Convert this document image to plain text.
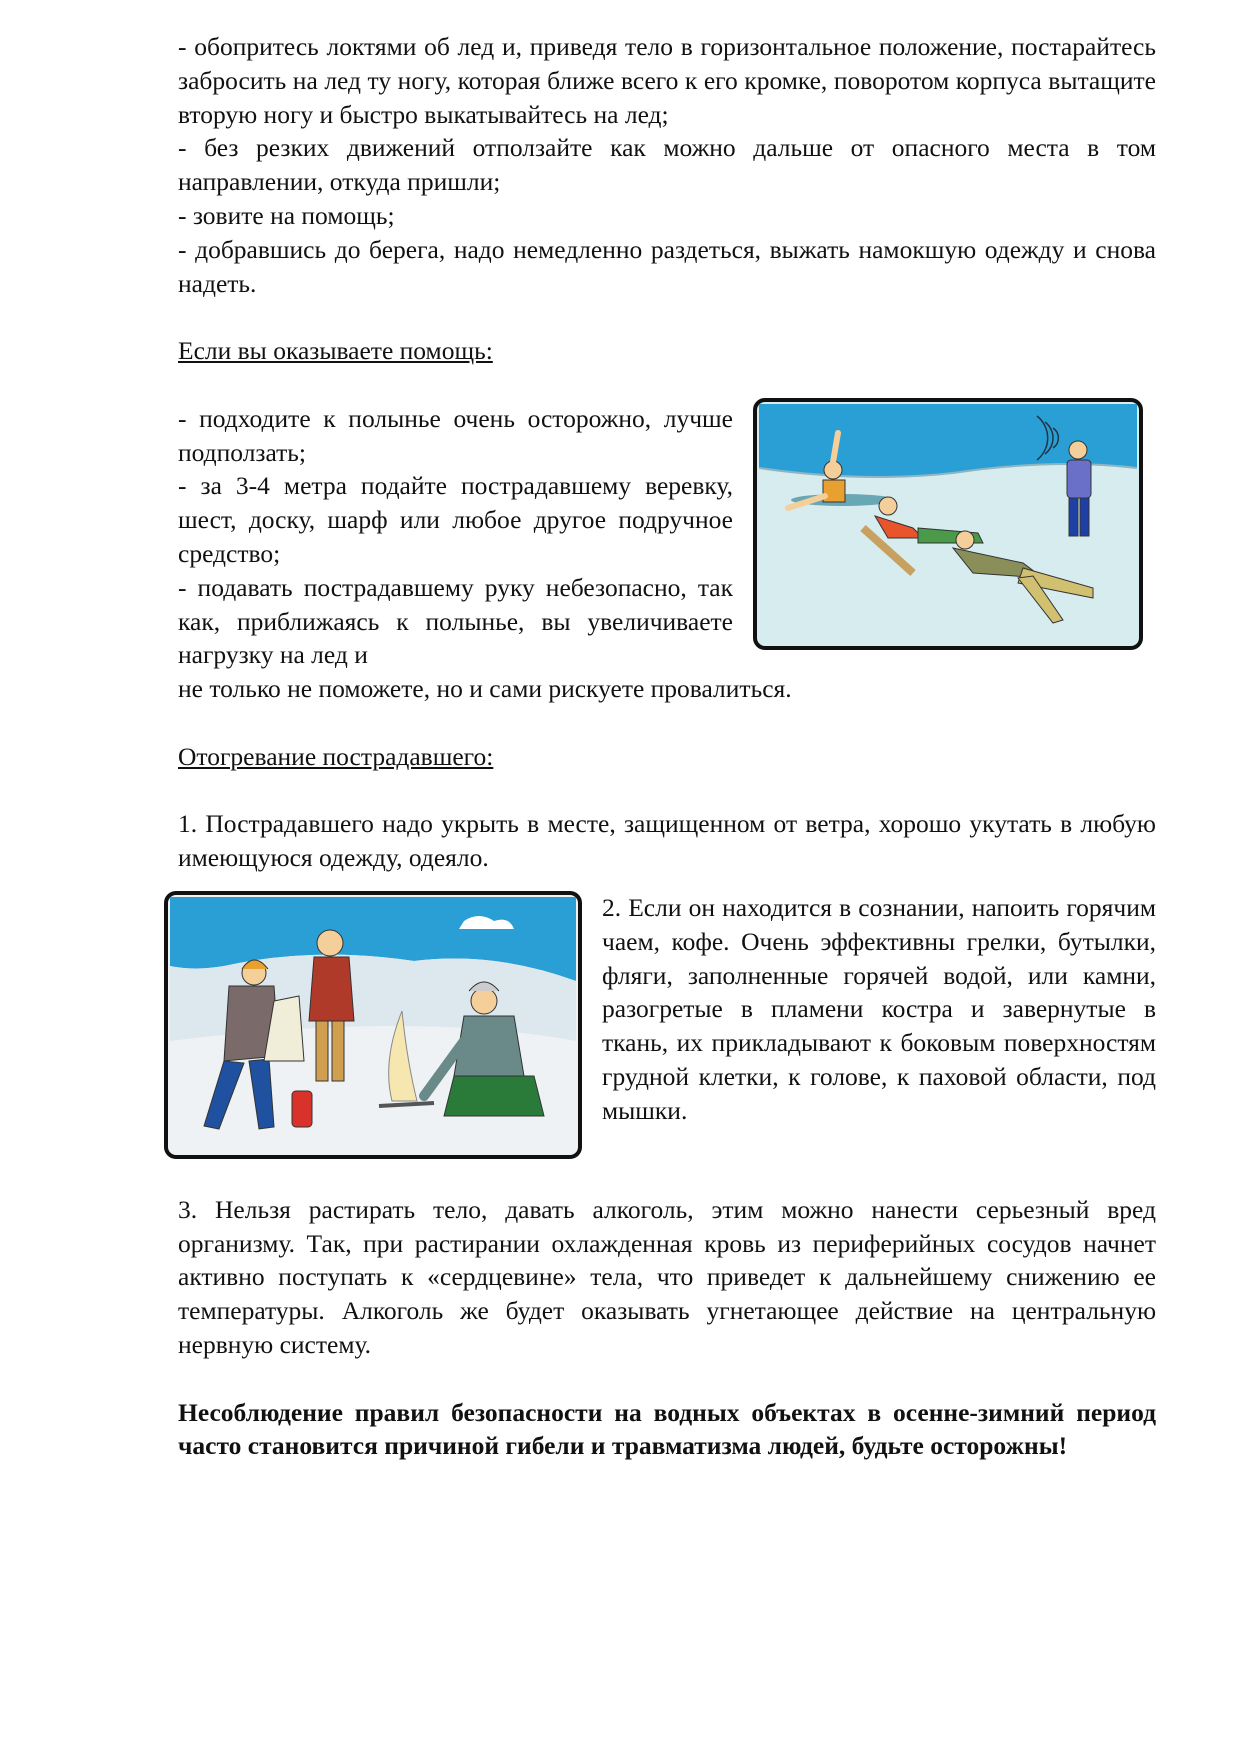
- обопритесь локтями об лед и, приведя тело в горизонтальное положение, постарайтесь забросить на лед ту ногу, которая ближе всего к его кромке, поворотом корпуса вытащите вторую ногу и быстро выкатывайтесь на лед;

- без резких движений отползайте как можно дальше от опасного места в том направлении, откуда пришли;

- зовите на помощь;

- добравшись до берега, надо немедленно раздеться, выжать намокшую одежду и снова надеть.

Если вы оказываете помощь:

- подходите к полынье очень осторожно, лучше подползать;

- за 3-4 метра подайте пострадавшему веревку, шест, доску, шарф или любое другое подручное средство;

- подавать пострадавшему руку небезопасно, так как, приближаясь к полынье, вы увеличиваете нагрузку на лед и

не только не поможете, но и сами рискуете провалиться.

Отогревание пострадавшего:

1. Пострадавшего надо укрыть в месте, защищенном от ветра, хорошо укутать в любую имеющуюся одежду, одеяло.

2. Если он находится в сознании, напоить горячим чаем, кофе. Очень эффективны грелки, бутылки, фляги, заполненные горячей водой, или камни, разогретые в пламени костра и завернутые в ткань, их прикладывают к боковым поверхностям грудной клетки, к голове, к паховой области, под мышки.

3. Нельзя растирать тело, давать алкоголь, этим можно нанести серьезный вред организму. Так, при растирании охлажденная кровь из периферийных сосудов начнет активно поступать к «сердцевине» тела, что приведет к дальнейшему снижению ее температуры. Алкоголь же будет оказывать угнетающее действие на центральную нервную систему.

Несоблюдение правил безопасности на водных объектах в осенне-зимний период часто становится причиной гибели и травматизма людей, будьте осторожны!
